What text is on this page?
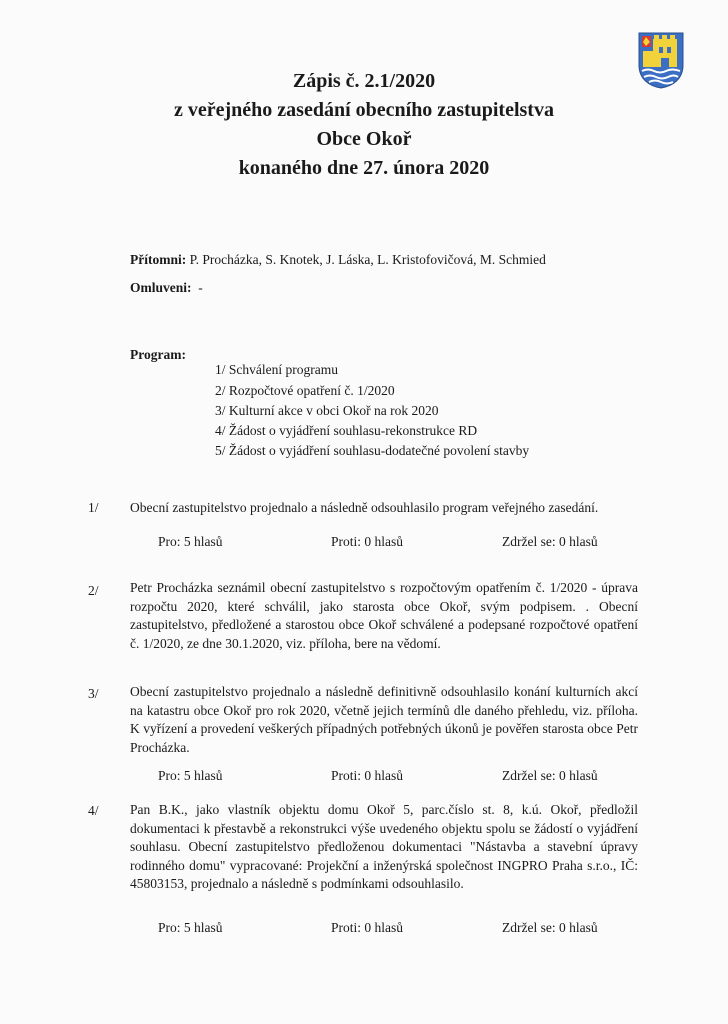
Zápis č. 2.1/2020
z veřejného zasedání obecního zastupitelstva
Obce Okoř
konaného dne 27. února 2020
Přítomni: P. Procházka, S. Knotek, J. Láska, L. Kristofovičová, M. Schmied
Omluveni: -
Program:
1/ Schválení programu
2/ Rozpočtové opatření č. 1/2020
3/ Kulturní akce v obci Okoř na rok 2020
4/ Žádost o vyjádření souhlasu-rekonstrukce RD
5/ Žádost o vyjádření souhlasu-dodatečné povolení stavby
1/ Obecní zastupitelstvo projednalo a následně odsouhlasilo program veřejného zasedání.

Pro: 5 hlasů	Proti: 0 hlasů	Zdržel se: 0 hlasů
2/ Petr Procházka seznámil obecní zastupitelstvo s rozpočtovým opatřením č. 1/2020 - úprava rozpočtu 2020, které schválil, jako starosta obce Okoř, svým podpisem. . Obecní zastupitelstvo, předložené a starostou obce Okoř schválené a podepsané rozpočtové opatření č. 1/2020, ze dne 30.1.2020, viz. příloha, bere na vědomí.

3/ Obecní zastupitelstvo projednalo a následně definitivně odsouhlasilo konání kulturních akcí na katastru obce Okoř pro rok 2020, včetně jejich termínů dle daného přehledu, viz. příloha. K vyřízení a provedení veškerých případných potřebných úkonů je pověřen starosta obce Petr Procházka.

Pro: 5 hlasů	Proti: 0 hlasů	Zdržel se: 0 hlasů
4/ Pan B.K., jako vlastník objektu domu Okoř 5, parc.číslo st. 8, k.ú. Okoř, předložil dokumentaci k přestavbě a rekonstrukci výše uvedeného objektu spolu se žádostí o vyjádření souhlasu. Obecní zastupitelstvo předloženou dokumentaci "Nástavba a stavební úpravy rodinného domu" vypracované: Projekční a inženýrská společnost INGPRO Praha s.r.o., IČ: 45803153, projednalo a následně s podmínkami odsouhlasilo.

Pro: 5 hlasů	Proti: 0 hlasů	Zdržel se: 0 hlasů
